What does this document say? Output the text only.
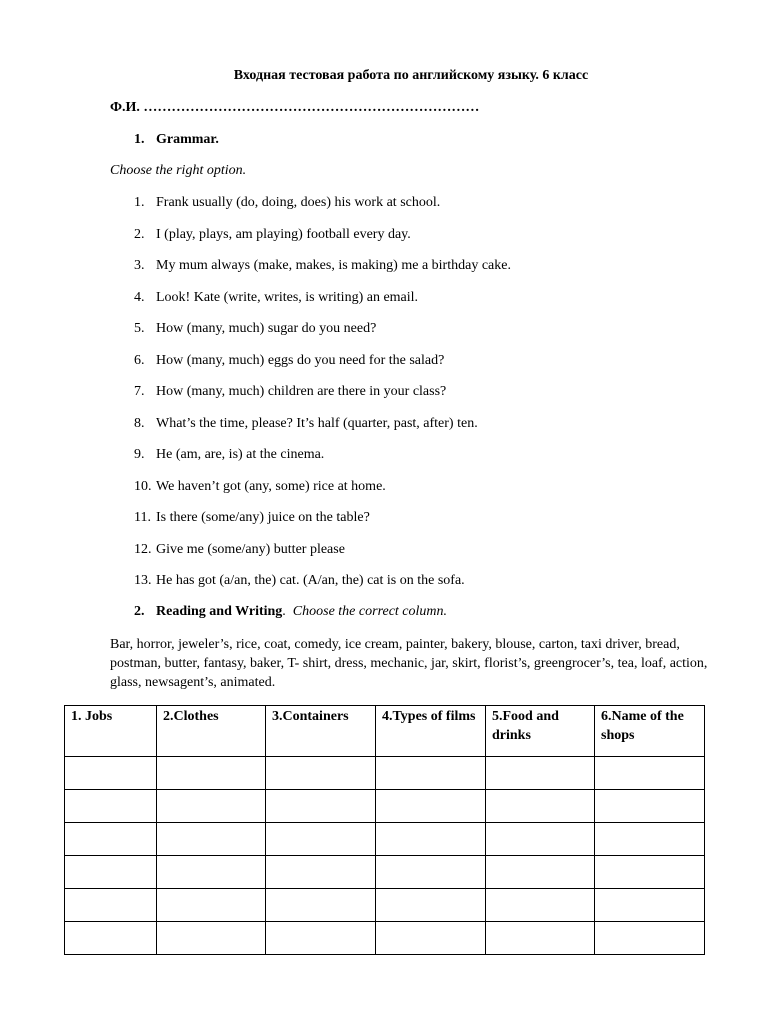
Входная тестовая работа по английскому языку. 6 класс
Ф.И. ………………………………………………………………
1. Grammar.
Choose the right option.
1. Frank usually (do, doing, does) his work at school.
2. I (play, plays, am playing) football every day.
3. My mum always (make, makes, is making) me a birthday cake.
4. Look! Kate (write, writes, is writing) an email.
5. How (many, much) sugar do you need?
6. How (many, much) eggs do you need for the salad?
7. How (many, much) children are there in your class?
8. What’s the time, please? It’s half (quarter, past, after) ten.
9. He (am, are, is) at the cinema.
10. We haven’t got (any, some) rice at home.
11. Is there (some/any) juice on the table?
12. Give me (some/any) butter please
13. He has got (a/an, the) cat. (A/an, the) cat is on the sofa.
2. Reading and Writing.  Choose the correct column.
Bar, horror, jeweler’s, rice, coat, comedy, ice cream, painter, bakery, blouse, carton, taxi driver, bread, postman, butter, fantasy, baker, T- shirt, dress, mechanic, jar, skirt, florist’s, greengrocer’s, tea, loaf, action, glass, newsagent’s, animated.
1. Jobs	2.Clothes	3.Containers	4.Types of films	5.Food and drinks	6.Name of the shops
